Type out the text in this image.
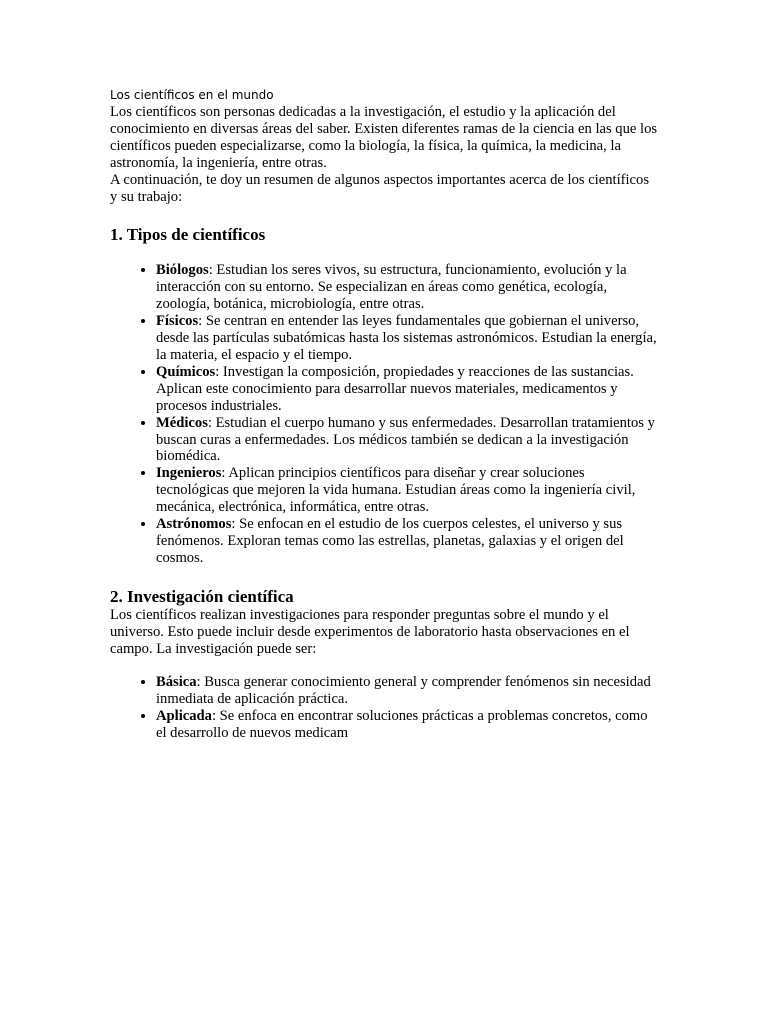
Los científicos en el mundo

Los científicos son personas dedicadas a la investigación, el estudio y la aplicación del conocimiento en diversas áreas del saber. Existen diferentes ramas de la ciencia en las que los científicos pueden especializarse, como la biología, la física, la química, la medicina, la astronomía, la ingeniería, entre otras.

A continuación, te doy un resumen de algunos aspectos importantes acerca de los científicos y su trabajo:

1. Tipos de científicos
• Biólogos: Estudian los seres vivos, su estructura, funcionamiento, evolución y la interacción con su entorno. Se especializan en áreas como genética, ecología, zoología, botánica, microbiología, entre otras.
• Físicos: Se centran en entender las leyes fundamentales que gobiernan el universo, desde las partículas subatómicas hasta los sistemas astronómicos. Estudian la energía, la materia, el espacio y el tiempo.
• Químicos: Investigan la composición, propiedades y reacciones de las sustancias. Aplican este conocimiento para desarrollar nuevos materiales, medicamentos y procesos industriales.
• Médicos: Estudian el cuerpo humano y sus enfermedades. Desarrollan tratamientos y buscan curas a enfermedades. Los médicos también se dedican a la investigación biomédica.
• Ingenieros: Aplican principios científicos para diseñar y crear soluciones tecnológicas que mejoren la vida humana. Estudian áreas como la ingeniería civil, mecánica, electrónica, informática, entre otras.
• Astrónomos: Se enfocan en el estudio de los cuerpos celestes, el universo y sus fenómenos. Exploran temas como las estrellas, planetas, galaxias y el origen del cosmos.
2. Investigación científica

Los científicos realizan investigaciones para responder preguntas sobre el mundo y el universo. Esto puede incluir desde experimentos de laboratorio hasta observaciones en el campo. La investigación puede ser:

• Básica: Busca generar conocimiento general y comprender fenómenos sin necesidad inmediata de aplicación práctica.
• Aplicada: Se enfoca en encontrar soluciones prácticas a problemas concretos, como el desarrollo de nuevos medicam
